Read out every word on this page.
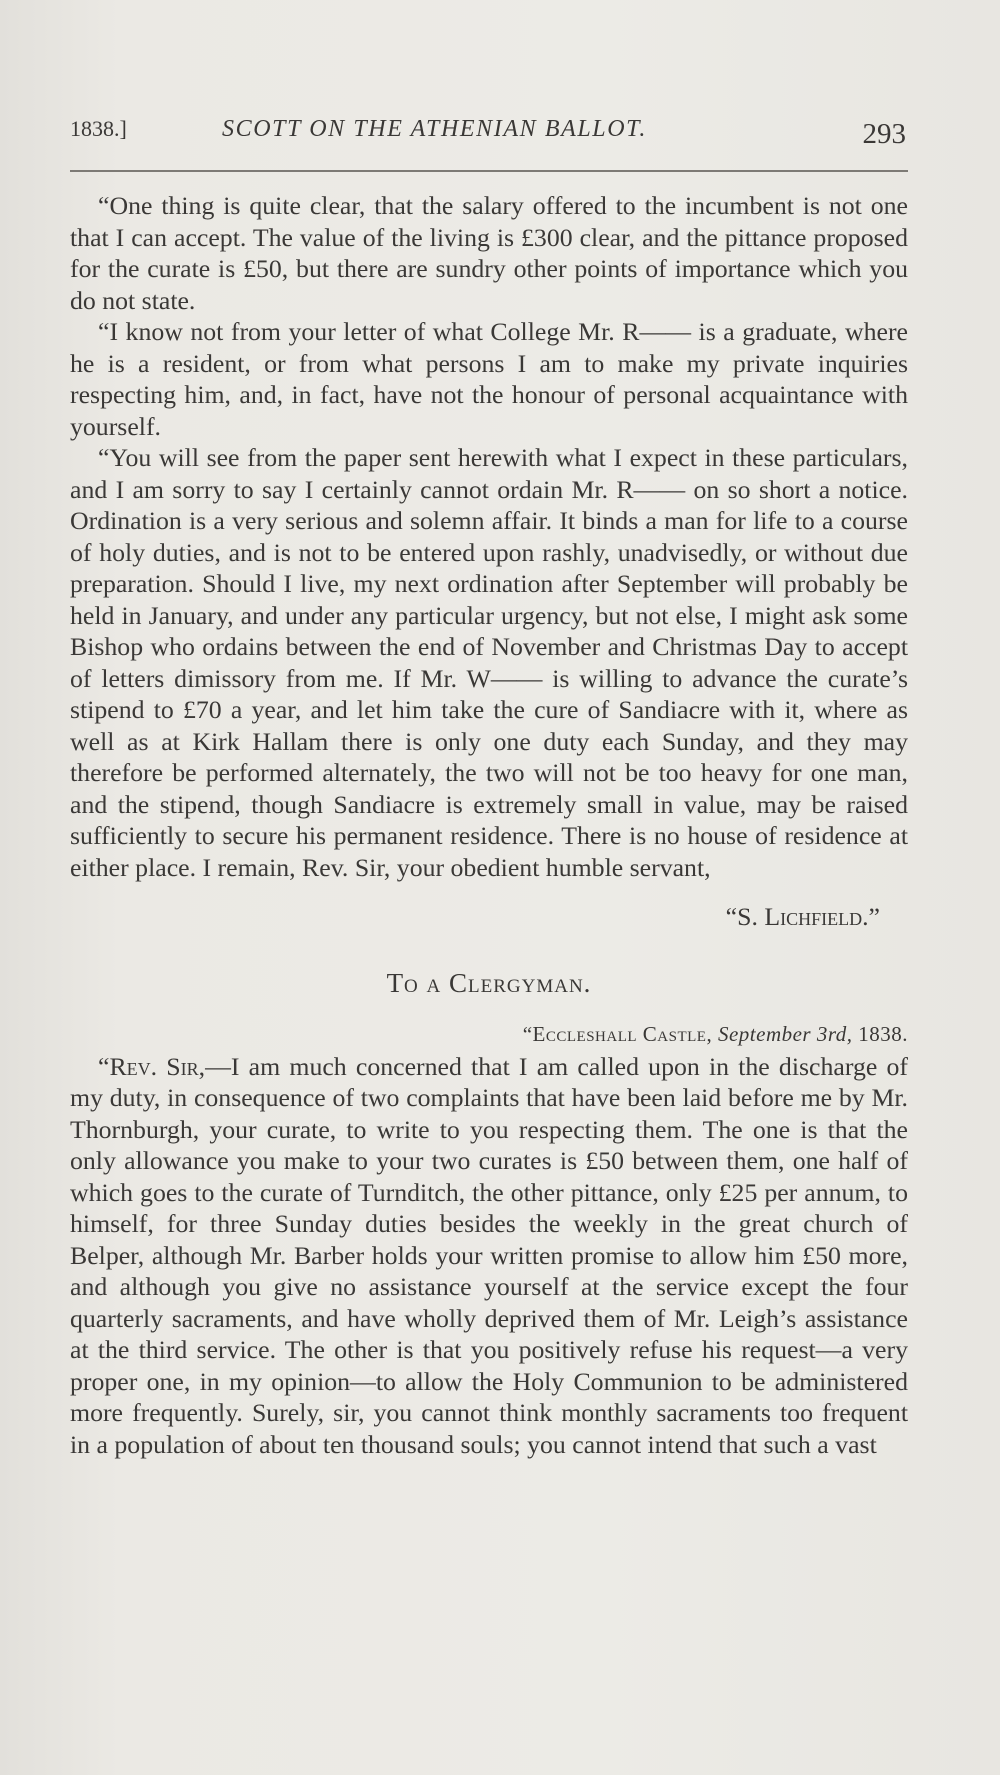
1838.]	SCOTT ON THE ATHENIAN BALLOT.	293

“One thing is quite clear, that the salary offered to the incumbent is not one that I can accept. The value of the living is £300 clear, and the pittance proposed for the curate is £50, but there are sundry other points of importance which you do not state.

“I know not from your letter of what College Mr. R—— is a graduate, where he is a resident, or from what persons I am to make my private inquiries respecting him, and, in fact, have not the honour of personal acquaintance with yourself.

“You will see from the paper sent herewith what I expect in these particulars, and I am sorry to say I certainly cannot ordain Mr. R—— on so short a notice. Ordination is a very serious and solemn affair. It binds a man for life to a course of holy duties, and is not to be entered upon rashly, unadvisedly, or without due preparation. Should I live, my next ordination after September will probably be held in January, and under any particular urgency, but not else, I might ask some Bishop who ordains between the end of November and Christmas Day to accept of letters dimissory from me. If Mr. W—— is willing to advance the curate’s stipend to £70 a year, and let him take the cure of Sandiacre with it, where as well as at Kirk Hallam there is only one duty each Sunday, and they may therefore be performed alternately, the two will not be too heavy for one man, and the stipend, though Sandiacre is extremely small in value, may be raised sufficiently to secure his permanent residence. There is no house of residence at either place. I remain, Rev. Sir, your obedient humble servant,

“S. Lichfield.”
To a Clergyman.
“Eccleshall Castle, September 3rd, 1838.

“Rev. Sir,—I am much concerned that I am called upon in the discharge of my duty, in consequence of two complaints that have been laid before me by Mr. Thornburgh, your curate, to write to you respecting them. The one is that the only allowance you make to your two curates is £50 between them, one half of which goes to the curate of Turnditch, the other pittance, only £25 per annum, to himself, for three Sunday duties besides the weekly in the great church of Belper, although Mr. Barber holds your written promise to allow him £50 more, and although you give no assistance yourself at the service except the four quarterly sacraments, and have wholly deprived them of Mr. Leigh’s assistance at the third service. The other is that you positively refuse his request—a very proper one, in my opinion—to allow the Holy Communion to be administered more frequently. Surely, sir, you cannot think monthly sacraments too frequent in a population of about ten thousand souls; you cannot intend that such a vast
